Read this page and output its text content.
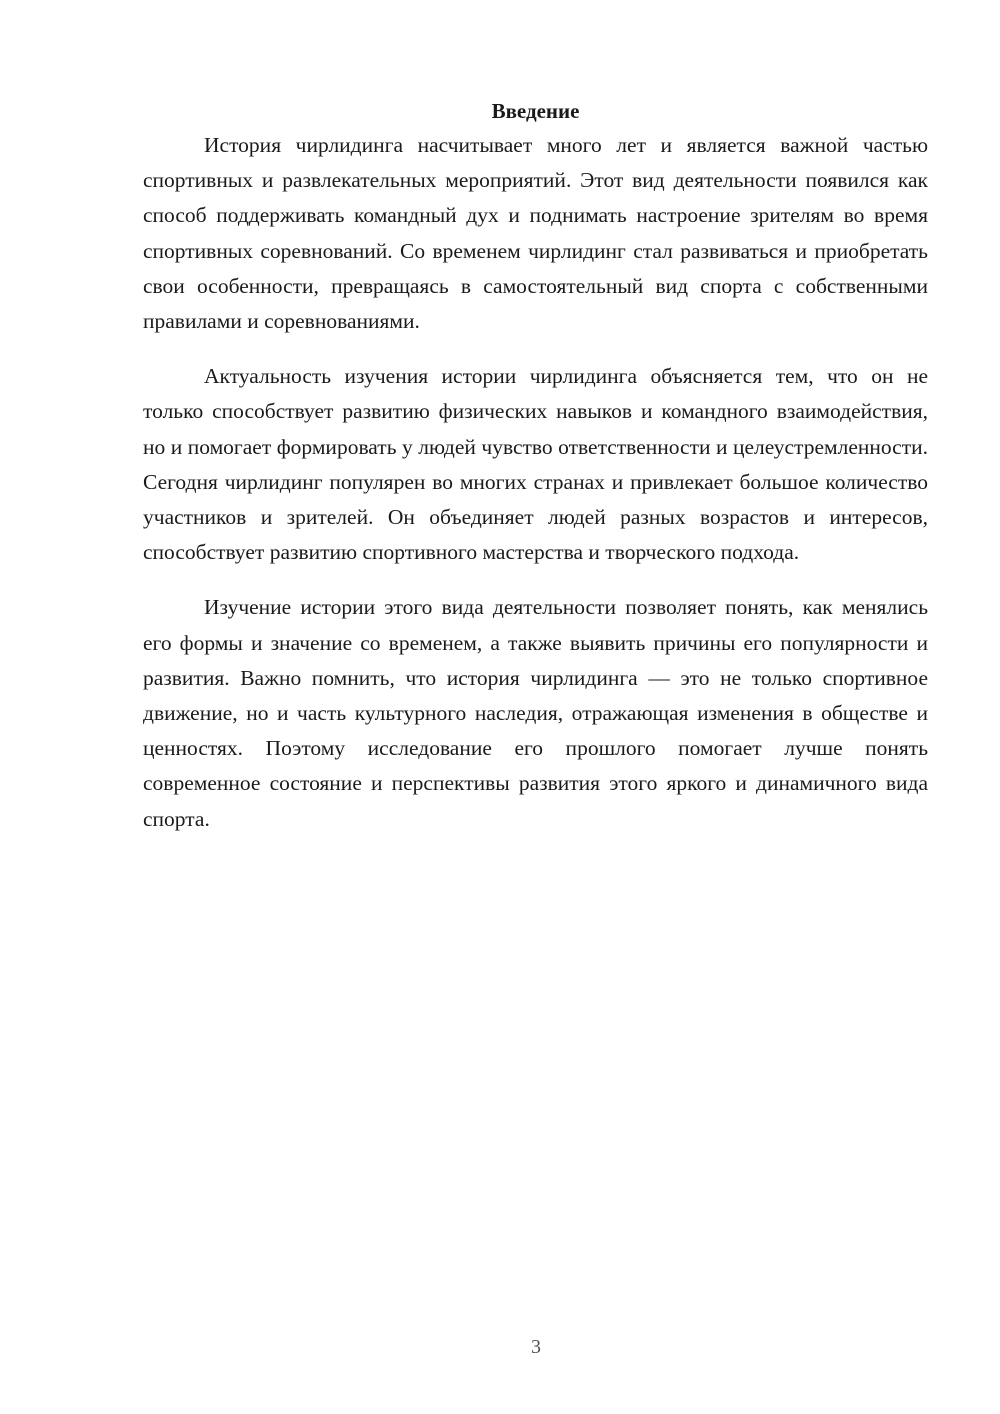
Введение

История чирлидинга насчитывает много лет и является важной частью спортивных и развлекательных мероприятий. Этот вид деятельности появился как способ поддерживать командный дух и поднимать настроение зрителям во время спортивных соревнований. Со временем чирлидинг стал развиваться и приобретать свои особенности, превращаясь в самостоятельный вид спорта с собственными правилами и соревнованиями.

Актуальность изучения истории чирлидинга объясняется тем, что он не только способствует развитию физических навыков и командного взаимодействия, но и помогает формировать у людей чувство ответственности и целеустремленности. Сегодня чирлидинг популярен во многих странах и привлекает большое количество участников и зрителей. Он объединяет людей разных возрастов и интересов, способствует развитию спортивного мастерства и творческого подхода.

Изучение истории этого вида деятельности позволяет понять, как менялись его формы и значение со временем, а также выявить причины его популярности и развития. Важно помнить, что история чирлидинга — это не только спортивное движение, но и часть культурного наследия, отражающая изменения в обществе и ценностях. Поэтому исследование его прошлого помогает лучше понять современное состояние и перспективы развития этого яркого и динамичного вида спорта.

3
